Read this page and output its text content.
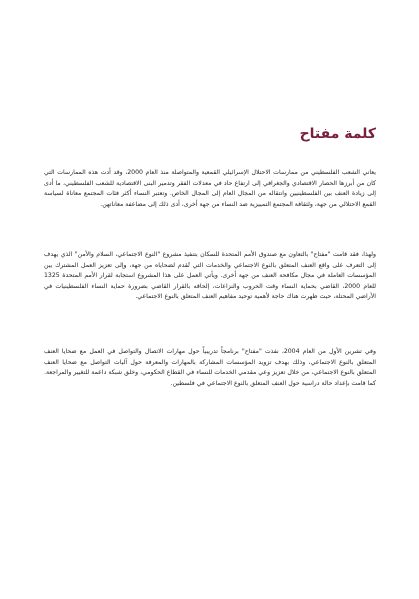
كلمة مفتاح

يعاني الشعب الفلسطيني من ممارسات الاحتلال الإسرائيلي القمعية والمتواصلة منذ العام 2000، وقد أدت هذه الممارسات التي كان من أبرزها الحصار الاقتصادي والجغرافي إلى ارتفاع حاد في معدلات الفقر وتدمير البنى الاقتصادية للشعب الفلسطيني، ما أدى إلى زيادة العنف بين الفلسطينيين وانتقاله من المجال العام إلى المجال الخاص. وتعتبر النساء أكثر فئات المجتمع معاناة لسياسة القمع الاحتلالي من جهة، ولثقافة المجتمع التمييزية ضد النساء من جهة أخرى، أدى ذلك إلى مضاعفة معاناتهن.

ولهذا، فقد قامت "مفتاح" بالتعاون مع صندوق الأمم المتحدة للسكان بتنفيذ مشروع "النوع الاجتماعي، السلام والأمن" الذي يهدف إلى التعرف على واقع العنف المتعلق بالنوع الاجتماعي والخدمات التي تُقدم لضحاياه من جهة، وإلى تعزيز العمل المشترك بين المؤسسات العاملة في مجال مكافحة العنف من جهة أخرى. ويأتي العمل على هذا المشروع استجابة لقرار الأمم المتحدة 1325 للعام 2000، القاضي بحماية النساء وقت الحروب والنزاعات، إلحاقه بالقرار القاضي بضرورة حماية النساء الفلسطينيات في الأراضي المحتلة، حيث ظهرت هناك حاجة لأهمية توحيد مفاهيم العنف المتعلق بالنوع الاجتماعي.

وفي تشرين الأول من العام 2004، نفذت "مفتاح" برنامجاً تدريبياً حول مهارات الاتصال والتواصل في العمل مع ضحايا العنف المتعلق بالنوع الاجتماعي، وذلك بهدف تزويد المؤسسات المشاركة بالمهارات والمعرفة حول آليات التواصل مع ضحايا العنف المتعلق بالنوع الاجتماعي، من خلال تعزيز وعي مقدمي الخدمات للنساء في القطاع الحكومي، وخلق شبكة داعمة للتغيير والمراجعة. كما قامت بإعداد حالة دراسية حول العنف المتعلق بالنوع الاجتماعي في فلسطين.
